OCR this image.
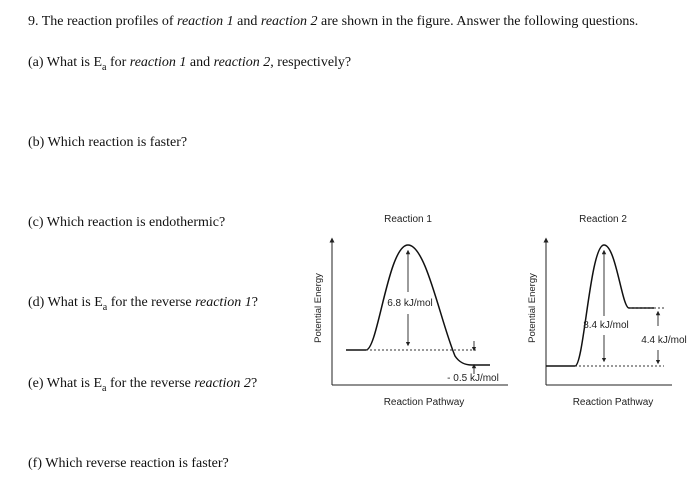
9. The reaction profiles of reaction 1 and reaction 2 are shown in the figure. Answer the following questions.
(a) What is $E_a$ for reaction 1 and reaction 2, respectively?
(b) Which reaction is faster?
(c) Which reaction is endothermic?
(d) What is $E_a$ for the reverse reaction 1?
(e) What is $E_a$ for the reverse reaction 2?
(f) Which reverse reaction is faster?
Reaction 1
Potential Energy
Reaction Pathway
6.8 kJ/mol
- 0.5 kJ/mol
Reaction 2
Potential Energy
Reaction Pathway
8.4 kJ/mol
4.4 kJ/mol
